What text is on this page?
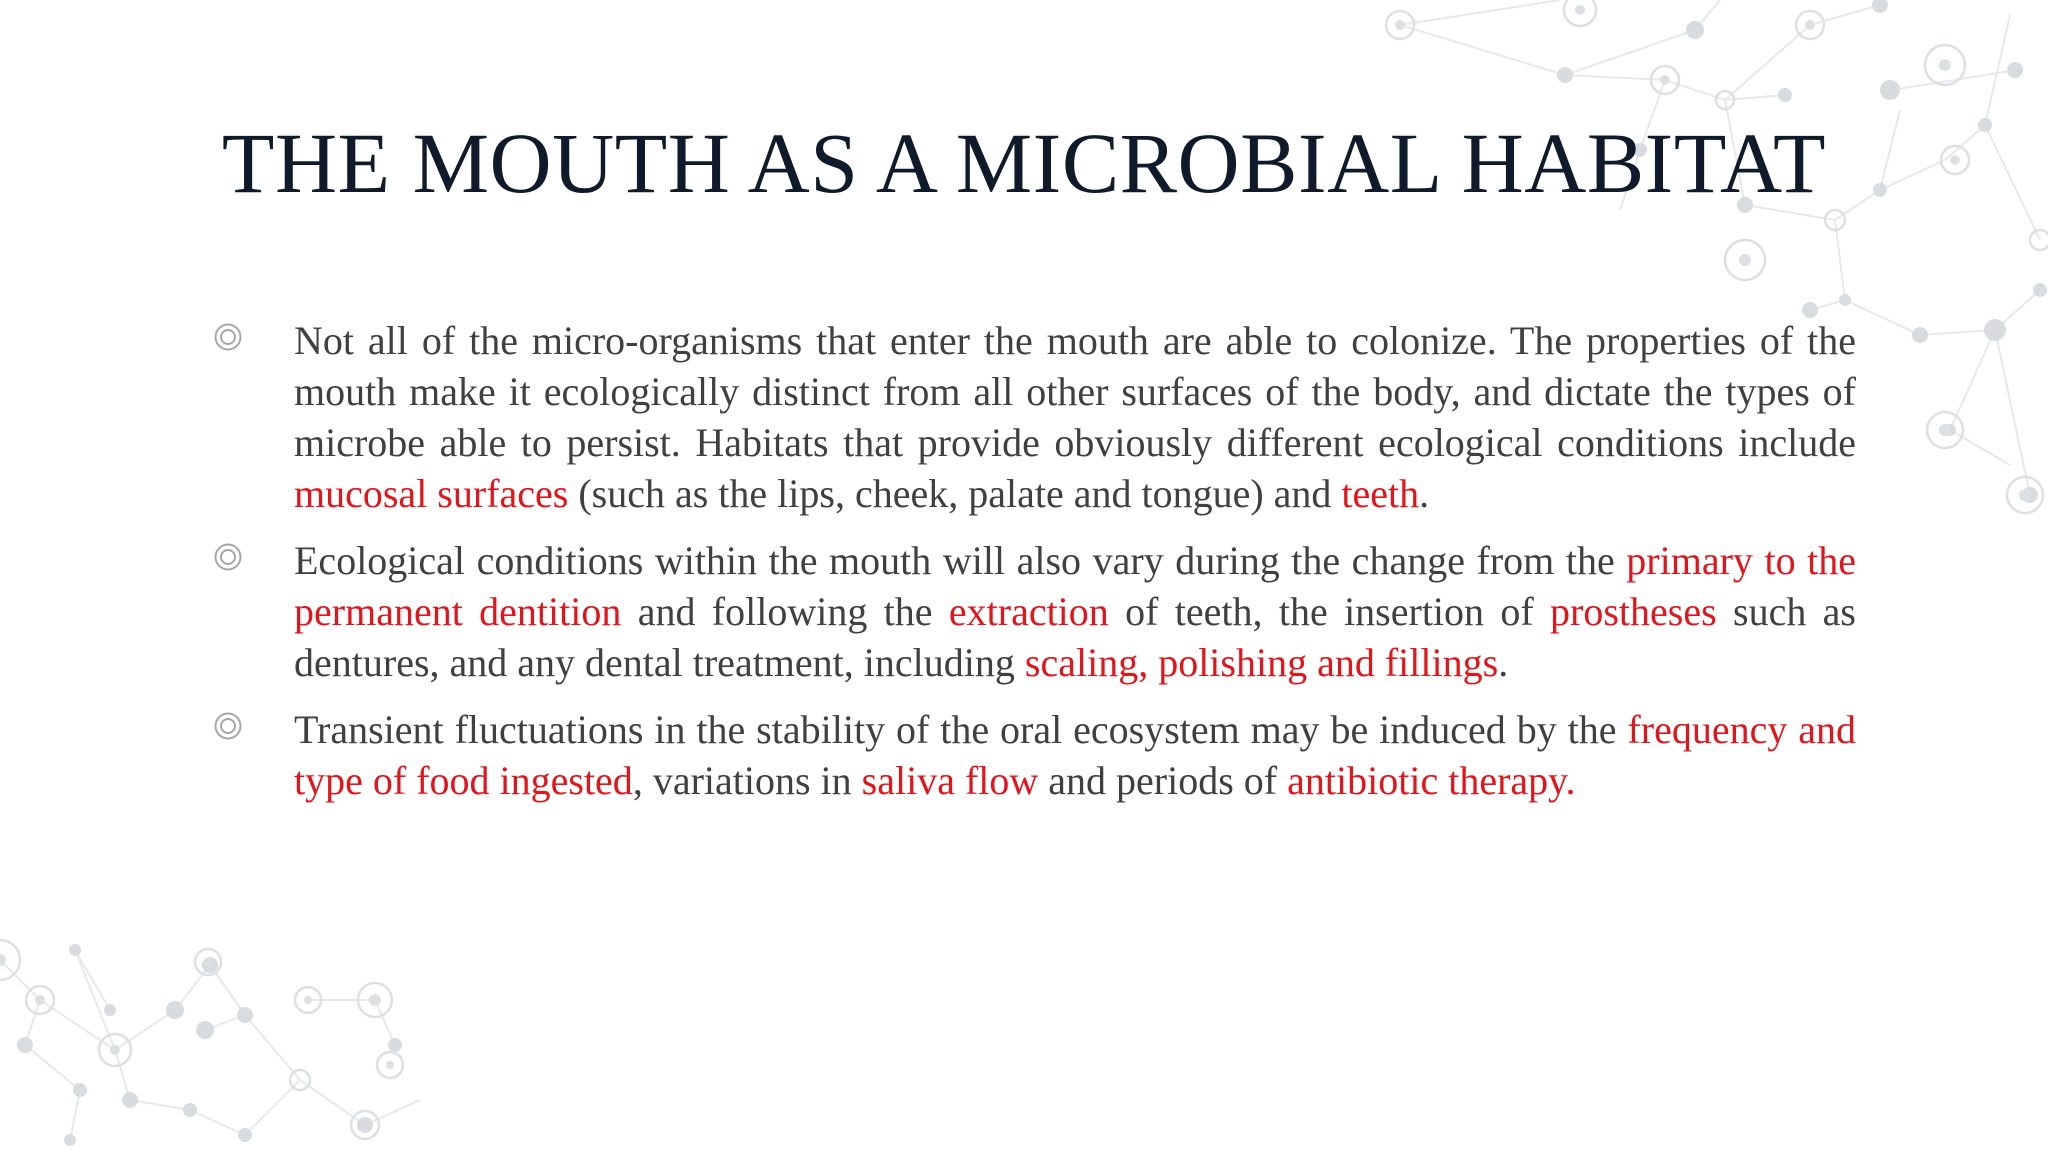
THE MOUTH AS A MICROBIAL HABITAT
Not all of the micro-organisms that enter the mouth are able to colonize. The properties of the mouth make it ecologically distinct from all other surfaces of the body, and dictate the types of microbe able to persist. Habitats that provide obviously different ecological conditions include mucosal surfaces (such as the lips, cheek, palate and tongue) and teeth.
Ecological conditions within the mouth will also vary during the change from the primary to the permanent dentition and following the extraction of teeth, the insertion of prostheses such as dentures, and any dental treatment, including scaling, polishing and fillings.
Transient fluctuations in the stability of the oral ecosystem may be induced by the frequency and type of food ingested, variations in saliva flow and periods of antibiotic therapy.
